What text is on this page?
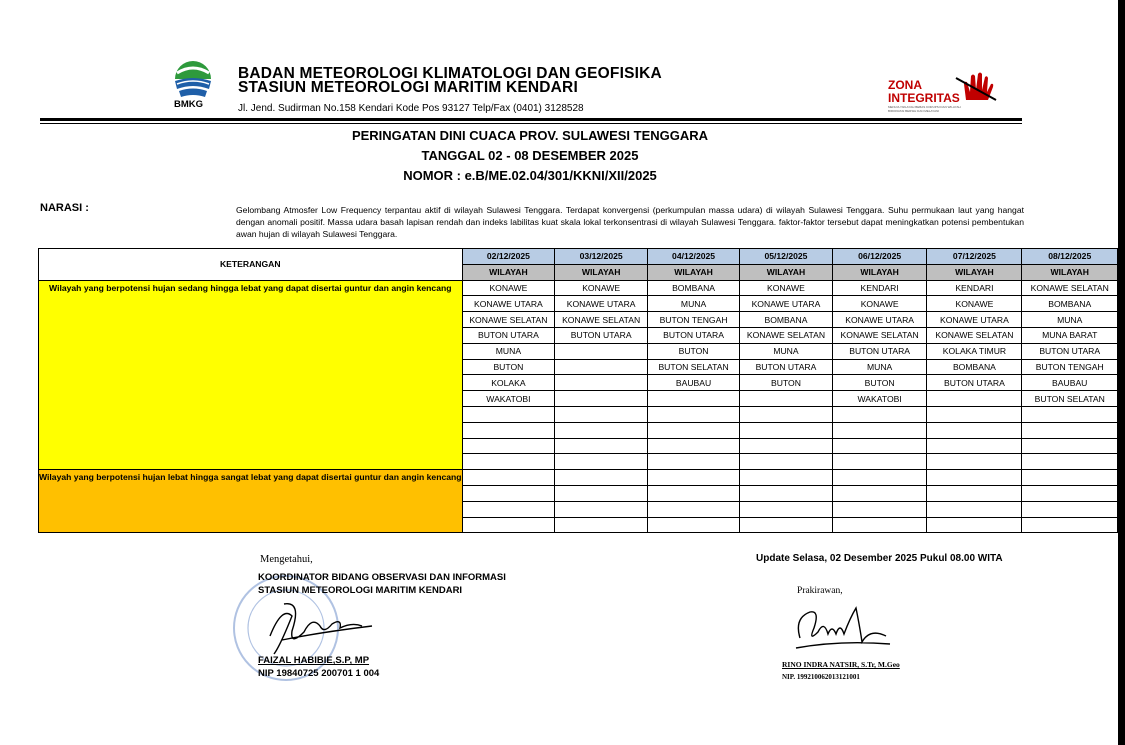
BMKG
BADAN METEOROLOGI KLIMATOLOGI DAN GEOFISIKA
STASIUN METEOROLOGI MARITIM KENDARI
Jl. Jend. Sudirman No.158 Kendari Kode Pos 93127 Telp/Fax (0401) 3128528
ZONA
INTEGRITAS
MENUJU WILAYAH BEBAS KORUPSI DAN WILAYAH BIROKRASI BERSIH DAN MELAYANI
PERINGATAN DINI CUACA PROV. SULAWESI TENGGARA
TANGGAL 02 - 08 DESEMBER 2025
NOMOR : e.B/ME.02.04/301/KKNI/XII/2025
NARASI :	Gelombang Atmosfer Low Frequency terpantau aktif di wilayah Sulawesi Tenggara. Terdapat konvergensi (perkumpulan massa udara) di wilayah Sulawesi Tenggara. Suhu permukaan laut yang hangat dengan anomali positif. Massa udara basah lapisan rendah dan indeks labilitas kuat skala lokal terkonsentrasi di wilayah Sulawesi Tenggara. faktor-faktor tersebut dapat meningkatkan potensi pembentukan awan hujan di wilayah Sulawesi Tenggara.
KETERANGAN	02/12/2025	03/12/2025	04/12/2025	05/12/2025	06/12/2025	07/12/2025	08/12/2025
	WILAYAH	WILAYAH	WILAYAH	WILAYAH	WILAYAH	WILAYAH	WILAYAH
Wilayah yang berpotensi hujan sedang hingga lebat yang dapat disertai guntur dan angin kencang	KONAWE	KONAWE	BOMBANA	KONAWE	KENDARI	KENDARI	KONAWE SELATAN
	KONAWE UTARA	KONAWE UTARA	MUNA	KONAWE UTARA	KONAWE	KONAWE	BOMBANA
	KONAWE SELATAN	KONAWE SELATAN	BUTON TENGAH	BOMBANA	KONAWE UTARA	KONAWE UTARA	MUNA
	BUTON UTARA	BUTON UTARA	BUTON UTARA	KONAWE SELATAN	KONAWE SELATAN	KONAWE SELATAN	MUNA BARAT
	MUNA		BUTON	MUNA	BUTON UTARA	KOLAKA TIMUR	BUTON UTARA
	BUTON		BUTON SELATAN	BUTON UTARA	MUNA	BOMBANA	BUTON TENGAH
	KOLAKA		BAUBAU	BUTON	BUTON	BUTON UTARA	BAUBAU
	WAKATOBI				WAKATOBI		BUTON SELATAN

Wilayah yang berpotensi hujan lebat hingga sangat lebat yang dapat disertai guntur dan angin kencang							

Mengetahui,
KOORDINATOR BIDANG OBSERVASI DAN INFORMASI
STASIUN METEOROLOGI MARITIM KENDARI
FAIZAL HABIBIE,S.P, MP
NIP 19840725 200701 1 004
Update Selasa, 02 Desember 2025 Pukul 08.00 WITA
Prakirawan,
RINO INDRA NATSIR, S.Tr, M.Geo
NIP. 199210062013121001
